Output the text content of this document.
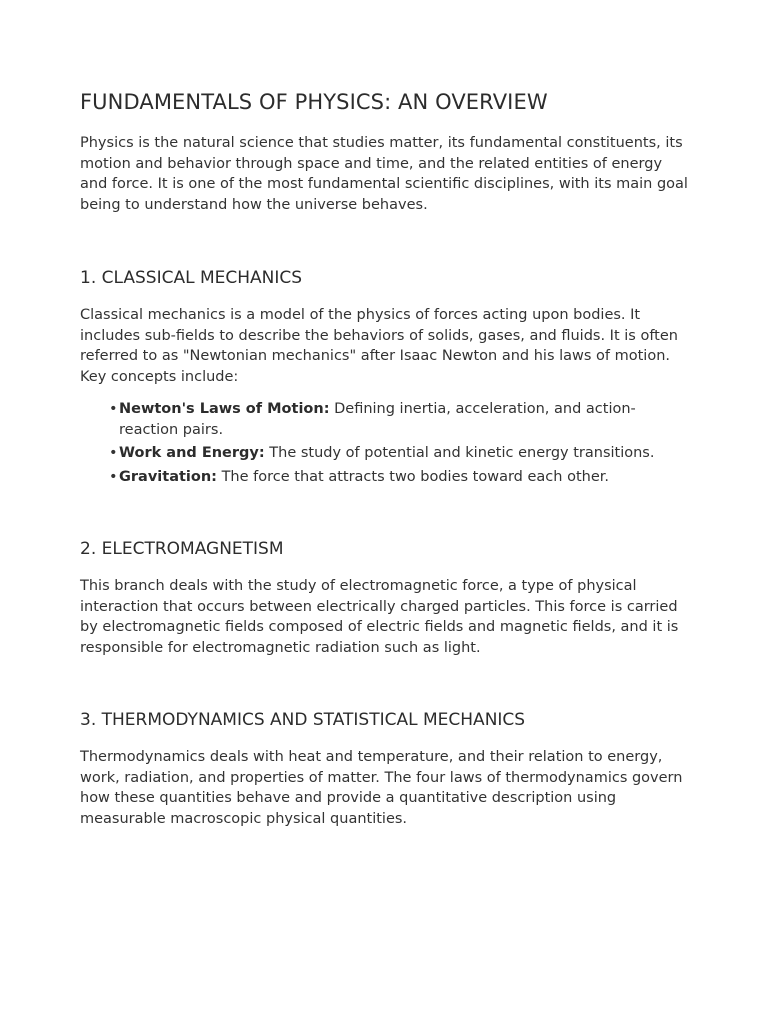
FUNDAMENTALS OF PHYSICS: AN OVERVIEW

Physics is the natural science that studies matter, its fundamental constituents, its motion and behavior through space and time, and the related entities of energy and force. It is one of the most fundamental scientific disciplines, with its main goal being to understand how the universe behaves.

1. CLASSICAL MECHANICS

Classical mechanics is a model of the physics of forces acting upon bodies. It includes sub-fields to describe the behaviors of solids, gases, and fluids. It is often referred to as "Newtonian mechanics" after Isaac Newton and his laws of motion. Key concepts include:

• Newton's Laws of Motion: Defining inertia, acceleration, and action-reaction pairs.
• Work and Energy: The study of potential and kinetic energy transitions.
• Gravitation: The force that attracts two bodies toward each other.
2. ELECTROMAGNETISM

This branch deals with the study of electromagnetic force, a type of physical interaction that occurs between electrically charged particles. This force is carried by electromagnetic fields composed of electric fields and magnetic fields, and it is responsible for electromagnetic radiation such as light.

3. THERMODYNAMICS AND STATISTICAL MECHANICS

Thermodynamics deals with heat and temperature, and their relation to energy, work, radiation, and properties of matter. The four laws of thermodynamics govern how these quantities behave and provide a quantitative description using measurable macroscopic physical quantities.
